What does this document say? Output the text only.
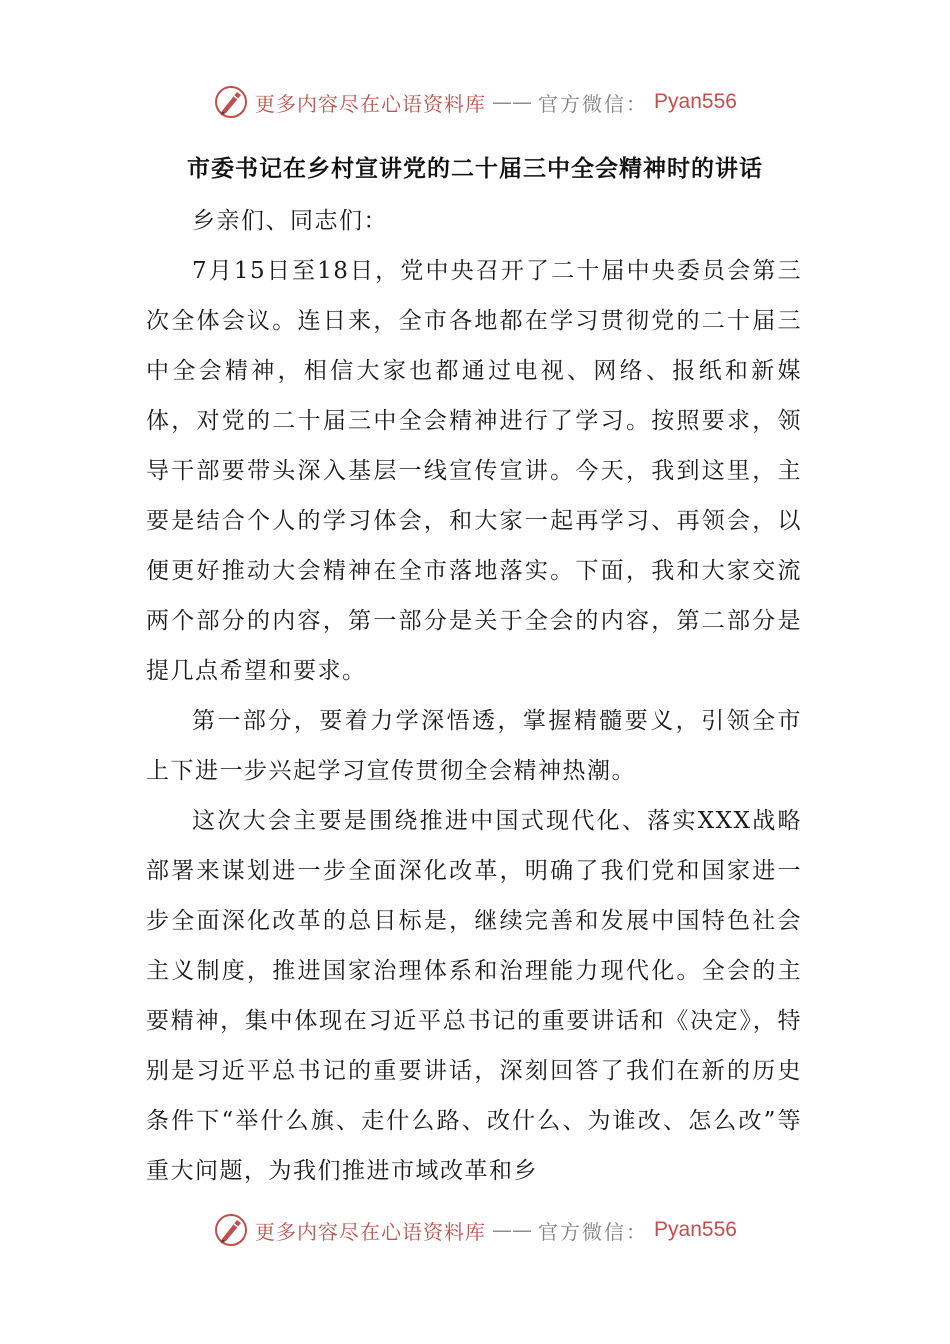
更多内容尽在心语资料库 —— 官方微信： Pyan556
市委书记在乡村宣讲党的二十届三中全会精神时的讲话

乡亲们、同志们：

7月15日至18日，党中央召开了二十届中央委员会第三次全体会议。连日来，全市各地都在学习贯彻党的二十届三中全会精神，相信大家也都通过电视、网络、报纸和新媒体，对党的二十届三中全会精神进行了学习。按照要求，领导干部要带头深入基层一线宣传宣讲。今天，我到这里，主要是结合个人的学习体会，和大家一起再学习、再领会，以便更好推动大会精神在全市落地落实。下面，我和大家交流两个部分的内容，第一部分是关于全会的内容，第二部分是提几点希望和要求。

第一部分，要着力学深悟透，掌握精髓要义，引领全市上下进一步兴起学习宣传贯彻全会精神热潮。

这次大会主要是围绕推进中国式现代化、落实XXX战略部署来谋划进一步全面深化改革，明确了我们党和国家进一步全面深化改革的总目标是，继续完善和发展中国特色社会主义制度，推进国家治理体系和治理能力现代化。全会的主要精神，集中体现在习近平总书记的重要讲话和《决定》，特别是习近平总书记的重要讲话，深刻回答了我们在新的历史条件下“举什么旗、走什么路、改什么、为谁改、怎么改”等重大问题，为我们推进市域改革和乡

更多内容尽在心语资料库 —— 官方微信： Pyan556
